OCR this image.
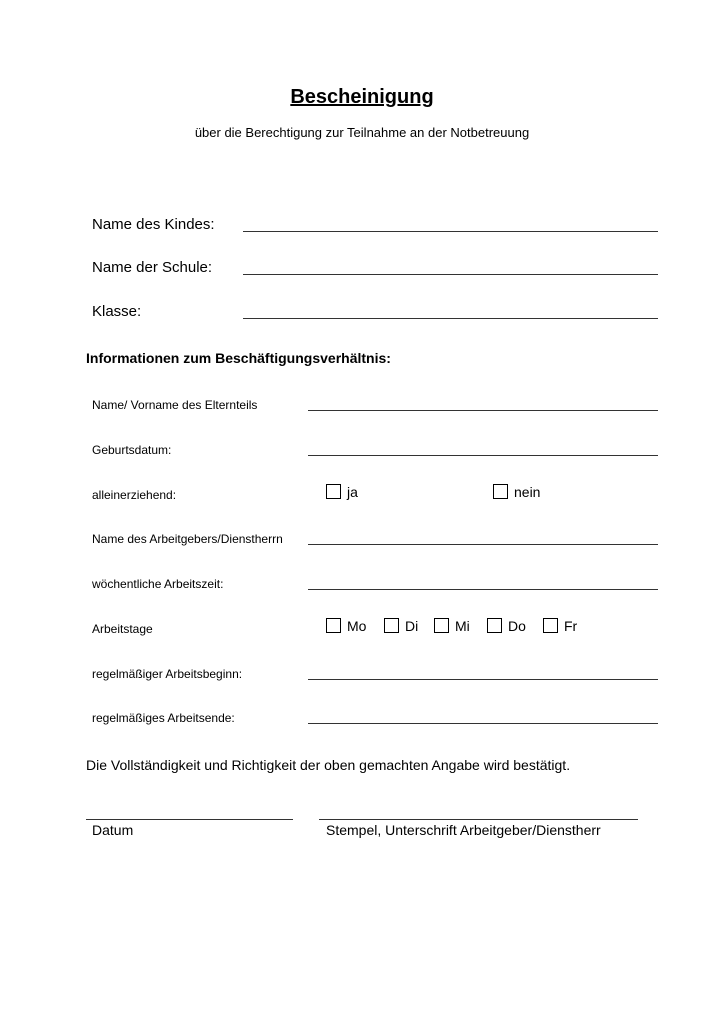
Bescheinigung
über die Berechtigung zur Teilnahme an der Notbetreuung
Name des Kindes:
Name der Schule:
Klasse:
Informationen zum Beschäftigungsverhältnis:
Name/ Vorname des Elternteils
Geburtsdatum:
alleinerziehend:	ja	nein
Name des Arbeitgebers/Dienstherrn
wöchentliche Arbeitszeit:
Arbeitstage	Mo	Di	Mi	Do	Fr
regelmäßiger Arbeitsbeginn:
regelmäßiges Arbeitsende:
Die Vollständigkeit und Richtigkeit der oben gemachten Angabe wird bestätigt.
Datum	Stempel, Unterschrift Arbeitgeber/Dienstherr
